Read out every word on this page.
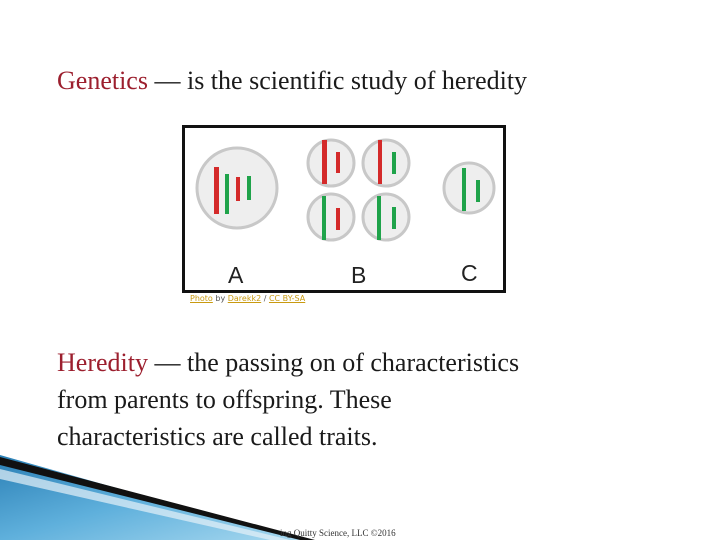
Genetics — is the scientific study of heredity
A	B	C
Photo by Darekk2 / CC BY-SA
Heredity — the passing on of characteristics
from parents to offspring. These
characteristics are called traits.
ing Quitty Science, LLC ©2016
